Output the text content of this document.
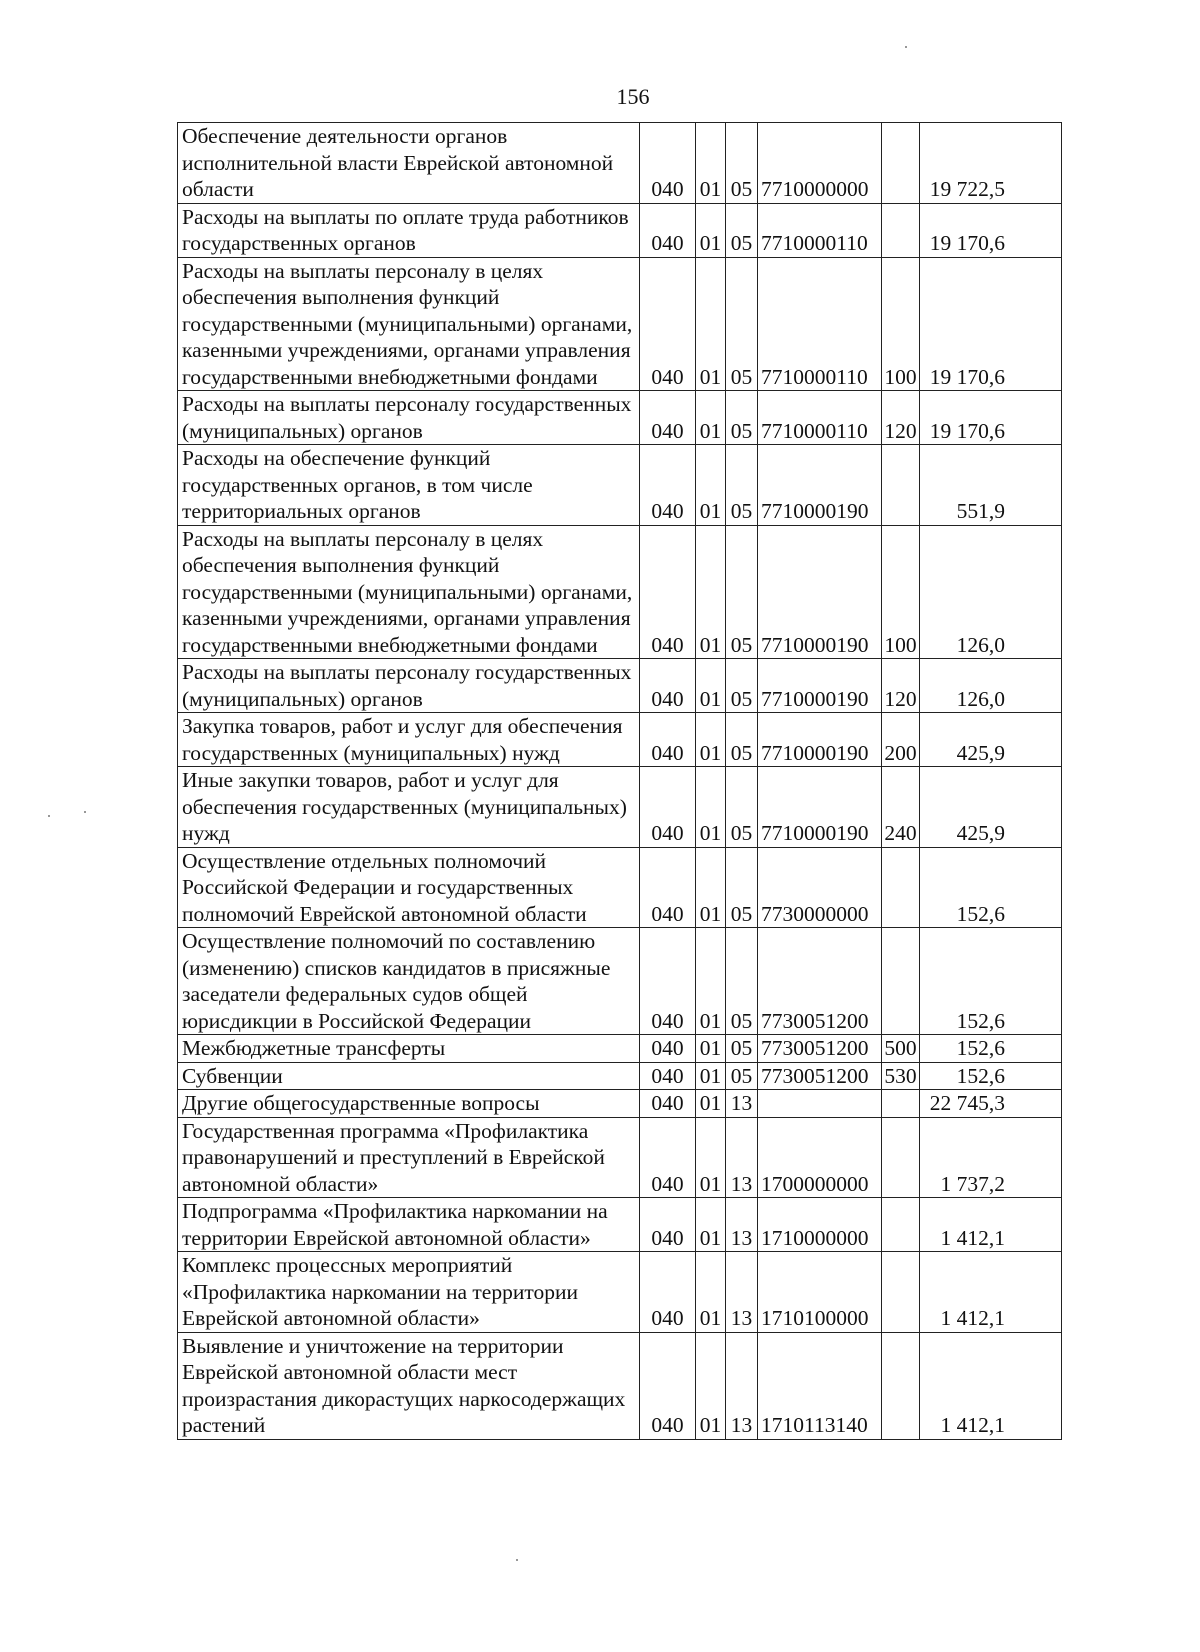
156
Обеспечение деятельности органов исполнительной власти Еврейской автономной области	040	01	05	7710000000		19 722,5
Расходы на выплаты по оплате труда работников государственных органов	040	01	05	7710000110		19 170,6
Расходы на выплаты персоналу в целях обеспечения выполнения функций государственными (муниципальными) органами, казенными учреждениями, органами управления государственными внебюджетными фондами	040	01	05	7710000110	100	19 170,6
Расходы на выплаты персоналу государственных (муниципальных) органов	040	01	05	7710000110	120	19 170,6
Расходы на обеспечение функций государственных органов, в том числе территориальных органов	040	01	05	7710000190		551,9
Расходы на выплаты персоналу в целях обеспечения выполнения функций государственными (муниципальными) органами, казенными учреждениями, органами управления государственными внебюджетными фондами	040	01	05	7710000190	100	126,0
Расходы на выплаты персоналу государственных (муниципальных) органов	040	01	05	7710000190	120	126,0
Закупка товаров, работ и услуг для обеспечения государственных (муниципальных) нужд	040	01	05	7710000190	200	425,9
Иные закупки товаров, работ и услуг для обеспечения государственных (муниципальных) нужд	040	01	05	7710000190	240	425,9
Осуществление отдельных полномочий Российской Федерации и государственных полномочий Еврейской автономной области	040	01	05	7730000000		152,6
Осуществление полномочий по составлению (изменению) списков кандидатов в присяжные заседатели федеральных судов общей юрисдикции в Российской Федерации	040	01	05	7730051200		152,6
Межбюджетные трансферты	040	01	05	7730051200	500	152,6
Субвенции	040	01	05	7730051200	530	152,6
Другие общегосударственные вопросы	040	01	13			22 745,3
Государственная программа «Профилактика правонарушений и преступлений в Еврейской автономной области»	040	01	13	1700000000		1 737,2
Подпрограмма «Профилактика наркомании на территории Еврейской автономной области»	040	01	13	1710000000		1 412,1
Комплекс процессных мероприятий «Профилактика наркомании на территории Еврейской автономной области»	040	01	13	1710100000		1 412,1
Выявление и уничтожение на территории Еврейской автономной области мест произрастания дикорастущих наркосодержащих растений	040	01	13	1710113140		1 412,1
